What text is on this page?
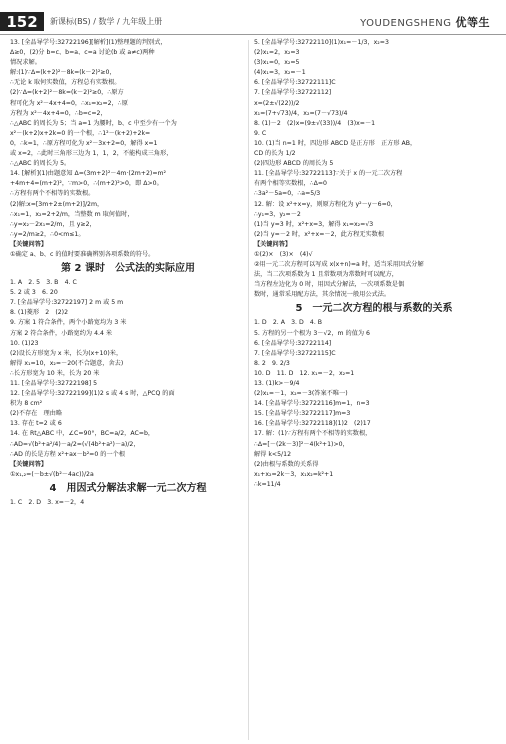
152	新课标(BS) / 数学 / 九年级上册	YOUDENGSHENG 优等生
13. [全品导学号:32722196][解析](1)整理题的判别式，
Δ≥0，(2)分 b=c、b=a、c=a 讨论(b 或 a≠c)两种
情况求解。
解:(1)∵Δ=(k+2)²－8k=(k－2)²≥0，
∴无论 k 取何实数值，方程总有实数根。
(2)∵Δ=(k+2)²－8k=(k－2)²≥0，∴原方
程可化为 x²－4x+4=0，∴x₁=x₂=2，∴原
方程为 x²－4x+4=0，∴b=c=2，
∴△ABC 的周长为 5；当 a=1 为腰时，b、c 中至少有一个为
x²－(k+2)x+2k=0 的一个根，∴1²－(k+2)+2k=
0，∴k=1，∴原方程可化为 x²－3x+2=0，解得 x=1
或 x=2，∴此时三角形三边为 1，1，2，不能构成三角形，
∴△ABC 的周长为 5。
14. [解析](1)由题意知 Δ=(3m+2)²－4m·(2m+2)=m²
+4m+4=(m+2)²，∵m>0，∴(m+2)²>0，即 Δ>0。
∴方程有两个不相等的实数根。
(2)解:x=[3m+2±(m+2)]/2m，
∴x₁=1，x₂=2+2/m，当整数 m 取何值时，
∴y=x₂－2x₁=2/m，且 y≥2，
∴y=2/m≥2，∴0<m≤1。
【关键问答】
①确定 a、b、c 的值时要准确辨别各项系数的符号。
第 2 课时　公式法的实际应用
1. A　2. 5　3. B　4. C
5. 2 或 3　6. 20
7. [全品导学号:32722197] 2 m 或 5 m
8. (1)菱形　2　(2)2
9. 方案 1 符合条件，两个小路宽均为 3 米
方案 2 符合条件，小路宽约为 4.4 米
10. (1)23
(2)设长方形宽为 x 米，长为(x+10)米，
解得 x₁=10，x₂=－20(不合题意，舍去)
∴长方形宽为 10 米，长为 20 米
11. [全品导学号:32722198] 5
12. [全品导学号:32722199](1)2 s 或 4 s 时，△PCQ 的面
积为 8 cm²
(2)不存在　理由略
13. 存在 t=2 或 6
14. 在 Rt△ABC 中，∠C=90°，BC=a/2，AC=b，
∴AD=√(b²+a²/4)－a/2=(√(4b²+a²)－a)/2，
∴AD 的长是方程 x²+ax－b²=0 的一个根
【关键问答】
①x₁,₂=(－b±√(b²－4ac))/2a
4　用因式分解法求解一元二次方程
1. C　2. D　3. x=－2，4
5. [全品导学号:32722110](1)x₁=－1/3，x₂=3
(2)x₁=2，x₂=3
(3)x₁=0，x₂=5
(4)x₁=3，x₂=－1
6. [全品导学号:32722111]C
7. [全品导学号:32722112]
x=(2±√(22))/2
x₁=(7+√73)/4，x₂=(7－√73)/4
8. (1)－2　(2)x=(9±√(33))/4　(3)x=－1
9. C
10. (1)当 n=1 时，四边形 ABCD 是正方形　正方形 AB，
CD 的长为 1/2
(2)四边形 ABCD 的周长为 5
11. [全品导学号:32722113]∵关于 x 的一元二次方程
有两个相等实数根，∴Δ=0
∴3a²－5a=0，∴a=5/3
12. 解：设 x²+x=y，则原方程化为 y²－y－6=0，
∴y₁=3，y₂=－2
(1)当 y=3 时，x²+x=3，解得 x₁=x₂=√3
(2)当 y=－2 时，x²+x=－2，此方程无实数根
【关键问答】
①(2)×　(3)×　(4)√
②用一元二次方程可以写成 x(x+n)=a 时，适当采用因式分解
法，当二次项系数为 1 且常数项为常数时可以配方，
当方程左边化为 0 时，用因式分解法，一次项系数是偶
数时，通常采用配方法，其余情况一般用公式法。
5　一元二次方程的根与系数的关系
1. D　2. A　3. D　4. B
5. 方程的另一个根为 3－√2，m 的值为 6
6. [全品导学号:32722114]
7. [全品导学号:32722115]C
8. 2　9. 2/3
10. D　11. D　12. x₁=－2，x₂=1
13. (1)k>－9/4
(2)x₁=－1，x₂=－3(答案不唯一)
14. [全品导学号:32722116]m=1，n=3
15. [全品导学号:32722117]m=3
16. [全品导学号:32722118](1)2　(2)17
17. 解：(1)∵方程有两个不相等的实数根，
∴Δ=[－(2k－3)]²－4(k²+1)>0，
解得 k<5/12
(2)由根与系数的关系得
x₁+x₂=2k－3，x₁x₂=k²+1
∴k=11/4
